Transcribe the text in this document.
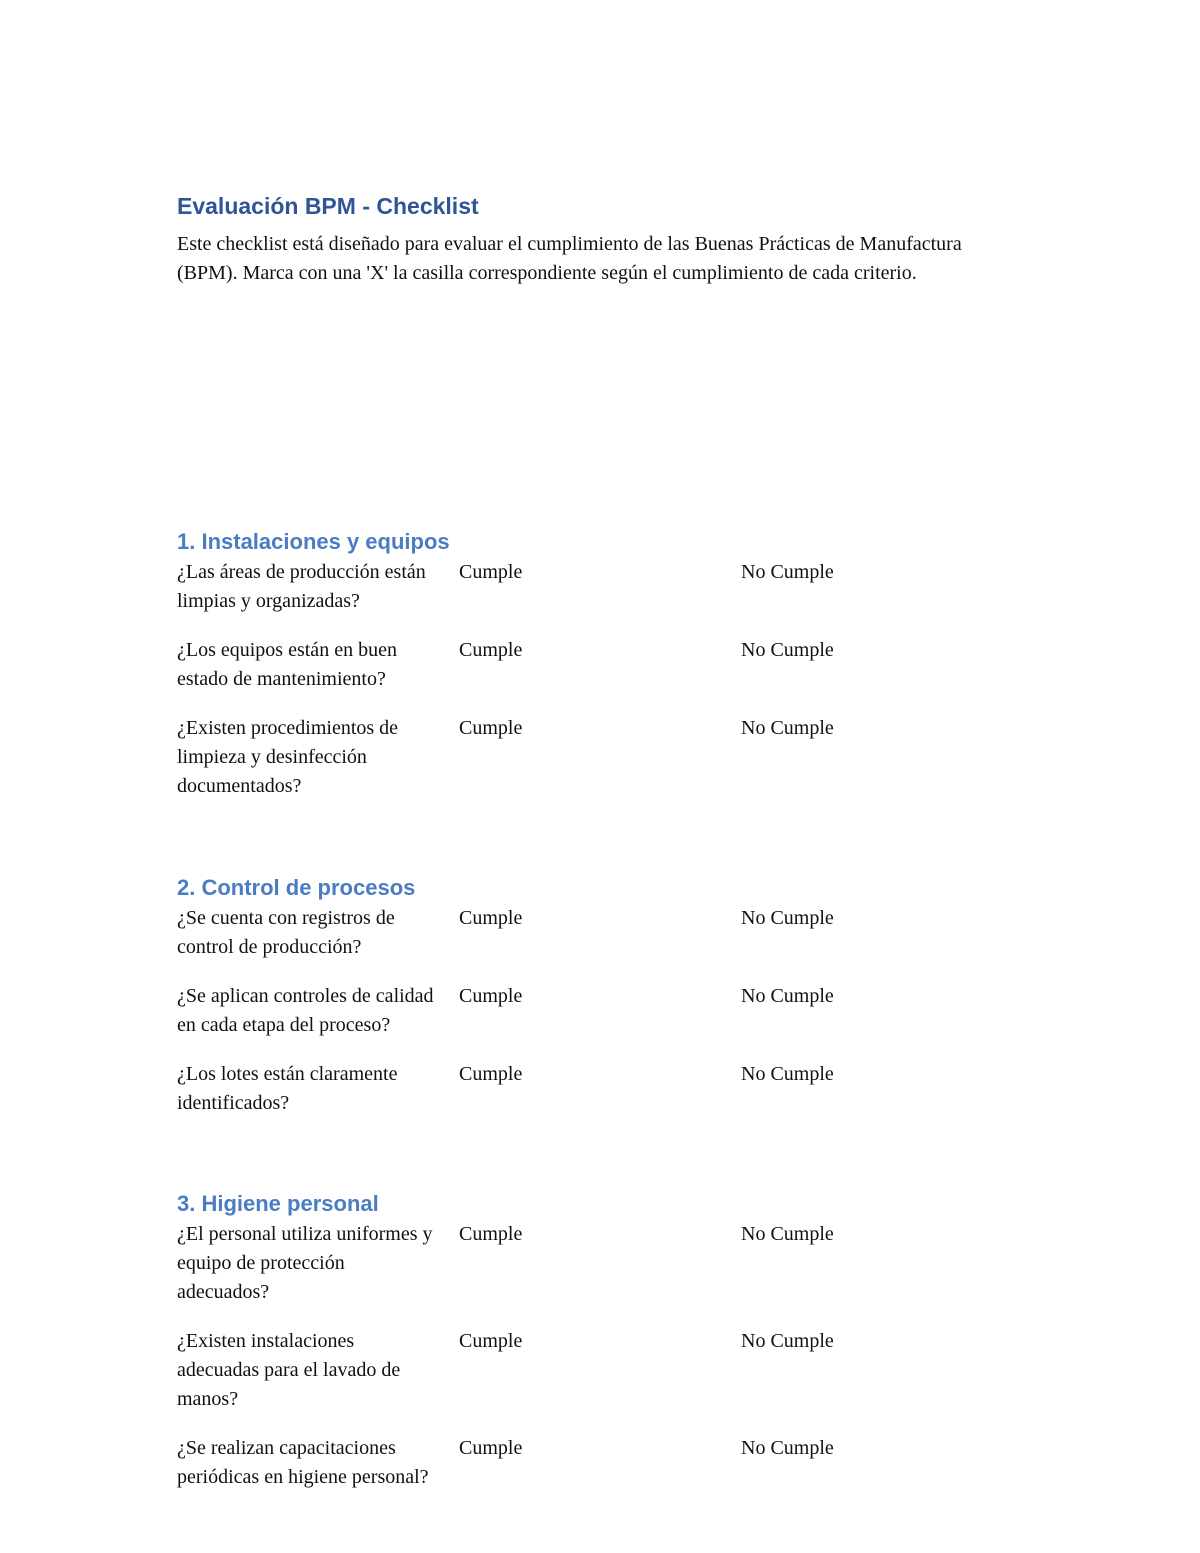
Evaluación BPM - Checklist

Este checklist está diseñado para evaluar el cumplimiento de las Buenas Prácticas de Manufactura (BPM). Marca con una 'X' la casilla correspondiente según el cumplimiento de cada criterio.

1. Instalaciones y equipos
¿Las áreas de producción están limpias y organizadas?
Cumple	No Cumple
¿Los equipos están en buen estado de mantenimiento?
Cumple	No Cumple
¿Existen procedimientos de limpieza y desinfección documentados?
Cumple	No Cumple
2. Control de procesos
¿Se cuenta con registros de control de producción?
Cumple	No Cumple
¿Se aplican controles de calidad en cada etapa del proceso?
Cumple	No Cumple
¿Los lotes están claramente identificados?
Cumple	No Cumple
3. Higiene personal
¿El personal utiliza uniformes y equipo de protección adecuados?
Cumple	No Cumple
¿Existen instalaciones adecuadas para el lavado de manos?
Cumple	No Cumple
¿Se realizan capacitaciones periódicas en higiene personal?
Cumple	No Cumple
